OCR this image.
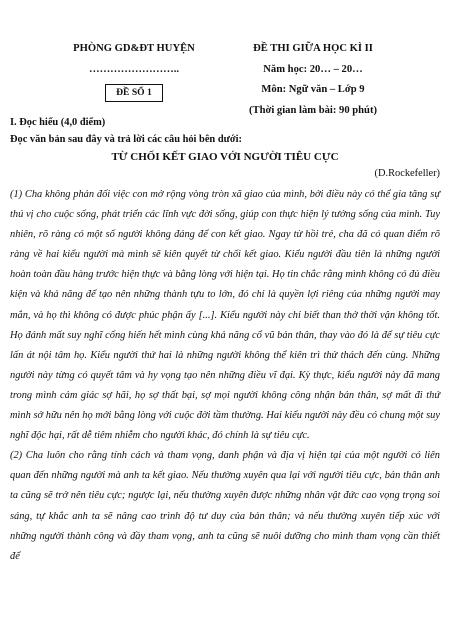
PHÒNG GD&ĐT HUYỆN
……………………..
ĐỀ SỐ 1
ĐỀ THI GIỮA HỌC KÌ II
Năm học: 20… – 20…
Môn: Ngữ văn – Lớp 9
(Thời gian làm bài: 90 phút)
I. Đọc hiểu (4,0 điểm)
Đọc văn bản sau đây và trả lời các câu hỏi bên dưới:
TỪ CHỐI KẾT GIAO VỚI NGƯỜI TIÊU CỰC
(D.Rockefeller)

(1) Cha không phản đối việc con mở rộng vòng tròn xã giao của mình, bởi điều này có thể gia tăng sự thú vị cho cuộc sống, phát triển các lĩnh vực đời sống, giúp con thực hiện lý tưởng sống của mình. Tuy nhiên, rõ ràng có một số người không đáng để con kết giao. Ngay từ hồi trẻ, cha đã có quan điểm rõ ràng về hai kiểu người mà mình sẽ kiên quyết từ chối kết giao. Kiểu người đầu tiên là những người hoàn toàn đầu hàng trước hiện thực và bằng lòng với hiện tại. Họ tin chắc rằng mình không có đủ điều kiện và khả năng để tạo nên những thành tựu to lớn, đó chỉ là quyền lợi riêng của những người may mắn, và họ thì không có được phúc phận ấy [...]. Kiểu người này chỉ biết than thở thời vận không tốt. Họ đánh mất suy nghĩ cống hiến hết mình cùng khả năng cổ vũ bản thân, thay vào đó là để sự tiêu cực lấn át nội tâm họ. Kiểu người thứ hai là những người không thể kiên trì thử thách đến cùng. Những người này từng có quyết tâm và hy vọng tạo nên những điều vĩ đại. Kỳ thực, kiểu người này đã mang trong mình cảm giác sợ hãi, họ sợ thất bại, sợ mọi người không công nhận bản thân, sợ mất đi thứ mình sở hữu nên họ mới bằng lòng với cuộc đời tầm thường. Hai kiểu người này đều có chung một suy nghĩ độc hại, rất dễ tiêm nhiễm cho người khác, đó chính là sự tiêu cực.

(2) Cha luôn cho rằng tính cách và tham vọng, danh phận và địa vị hiện tại của một người có liên quan đến những người mà anh ta kết giao. Nếu thường xuyên qua lại với người tiêu cực, bản thân anh ta cũng sẽ trở nên tiêu cực; ngược lại, nếu thường xuyên được những nhân vật đức cao vọng trọng soi sáng, tự khắc anh ta sẽ nâng cao trình độ tư duy của bản thân; và nếu thường xuyên tiếp xúc với những người thành công và đầy tham vọng, anh ta cũng sẽ nuôi dưỡng cho mình tham vọng cần thiết để
